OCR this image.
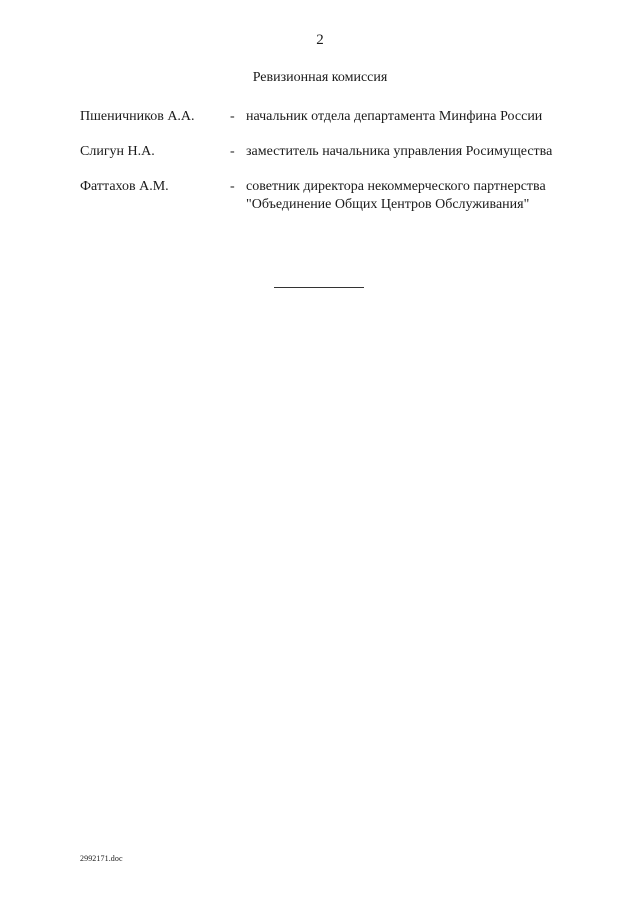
2
Ревизионная комиссия
Пшеничников А.А.	- начальник отдела департамента Минфина России
Слигун Н.А.	- заместитель начальника управления Росимущества
Фаттахов А.М.	- советник директора некоммерческого партнерства
"Объединение Общих Центров Обслуживания"
2992171.doc
